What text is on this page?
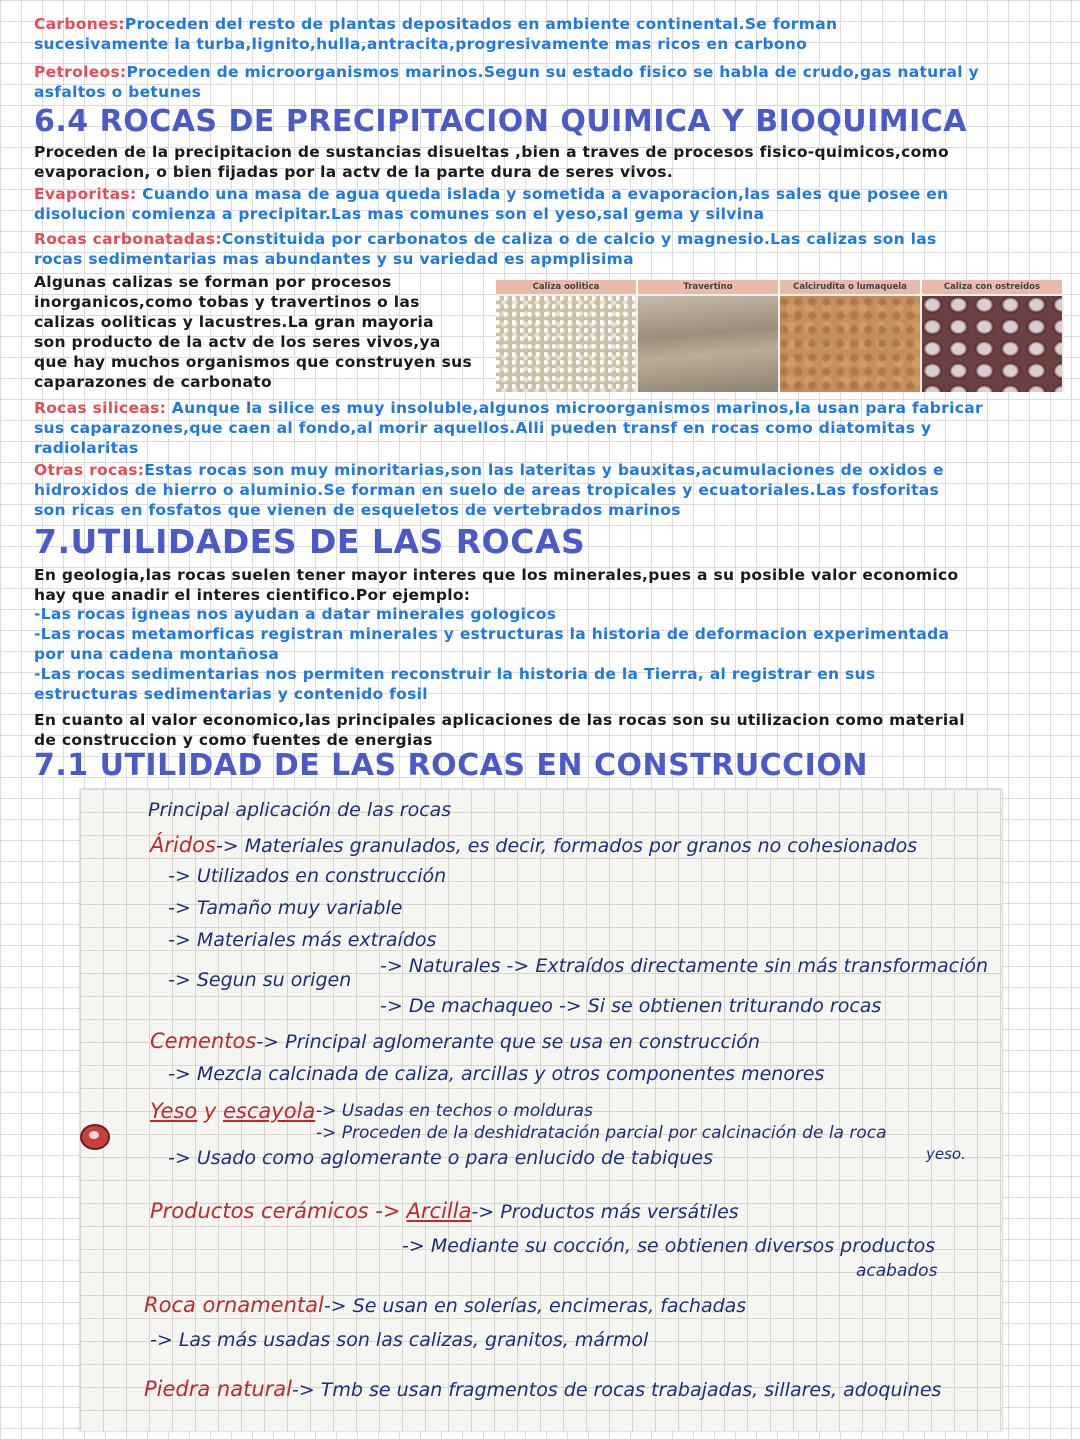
Carbones:Proceden del resto de plantas depositados en ambiente continental.Se forman
sucesivamente la turba,lignito,hulla,antracita,progresivamente mas ricos en carbono
Petroleos:Proceden de microorganismos marinos.Segun su estado fisico se habla de crudo,gas natural y
asfaltos o betunes
6.4 ROCAS DE PRECIPITACION QUIMICA Y BIOQUIMICA
Proceden de la precipitacion de sustancias disueltas ,bien a traves de procesos fisico-quimicos,como
evaporacion, o bien fijadas por la actv de la parte dura de seres vivos.
Evaporitas: Cuando una masa de agua queda islada y sometida a evaporacion,las sales que posee en
disolucion comienza a precipitar.Las mas comunes son el yeso,sal gema y silvina
Rocas carbonatadas:Constituida por carbonatos de caliza o de calcio y magnesio.Las calizas son las
rocas sedimentarias mas abundantes y su variedad es apmplisima
Algunas calizas se forman por procesos
inorganicos,como tobas y travertinos o las
calizas ooliticas y lacustres.La gran mayoria
son producto de la actv de los seres vivos,ya
que hay muchos organismos que construyen sus
caparazones de carbonato
Caliza oolitica	Travertino	Calcirudita o lumaquela	Caliza con ostreidos
Rocas siliceas: Aunque la silice es muy insoluble,algunos microorganismos marinos,la usan para fabricar
sus caparazones,que caen al fondo,al morir aquellos.Alli pueden transf en rocas como diatomitas y
radiolaritas
Otras rocas:Estas rocas son muy minoritarias,son las lateritas y bauxitas,acumulaciones de oxidos e
hidroxidos de hierro o aluminio.Se forman en suelo de areas tropicales y ecuatoriales.Las fosforitas
son ricas en fosfatos que vienen de esqueletos de vertebrados marinos
7.UTILIDADES DE LAS ROCAS
En geologia,las rocas suelen tener mayor interes que los minerales,pues a su posible valor economico
hay que anadir el interes cientifico.Por ejemplo:
-Las rocas igneas nos ayudan a datar minerales gologicos
-Las rocas metamorficas registran minerales y estructuras la historia de deformacion experimentada
por una cadena montañosa
-Las rocas sedimentarias nos permiten reconstruir la historia de la Tierra, al registrar en sus
estructuras sedimentarias y contenido fosil
En cuanto al valor economico,las principales aplicaciones de las rocas son su utilizacion como material
de construccion y como fuentes de energias
7.1 UTILIDAD DE LAS ROCAS EN CONSTRUCCION
Principal aplicación de las rocas
Áridos-> Materiales granulados, es decir, formados por granos no cohesionados
-> Utilizados en construcción
-> Tamaño muy variable
-> Materiales más extraídos
-> Segun su origen
-> Naturales -> Extraídos directamente sin más transformación
-> De machaqueo -> Si se obtienen triturando rocas
Cementos-> Principal aglomerante que se usa en construcción
-> Mezcla calcinada de caliza, arcillas y otros componentes menores
Yeso y escayola -> Usadas en techos o molduras
-> Proceden de la deshidratación parcial por calcinación de la roca
yeso.
-> Usado como aglomerante o para enlucido de tabiques
Productos cerámicos -> Arcilla-> Productos más versátiles
-> Mediante su cocción, se obtienen diversos productos
acabados
Roca ornamental-> Se usan en solerías, encimeras, fachadas
-> Las más usadas son las calizas, granitos, mármol
Piedra natural-> Tmb se usan fragmentos de rocas trabajadas, sillares, adoquines
